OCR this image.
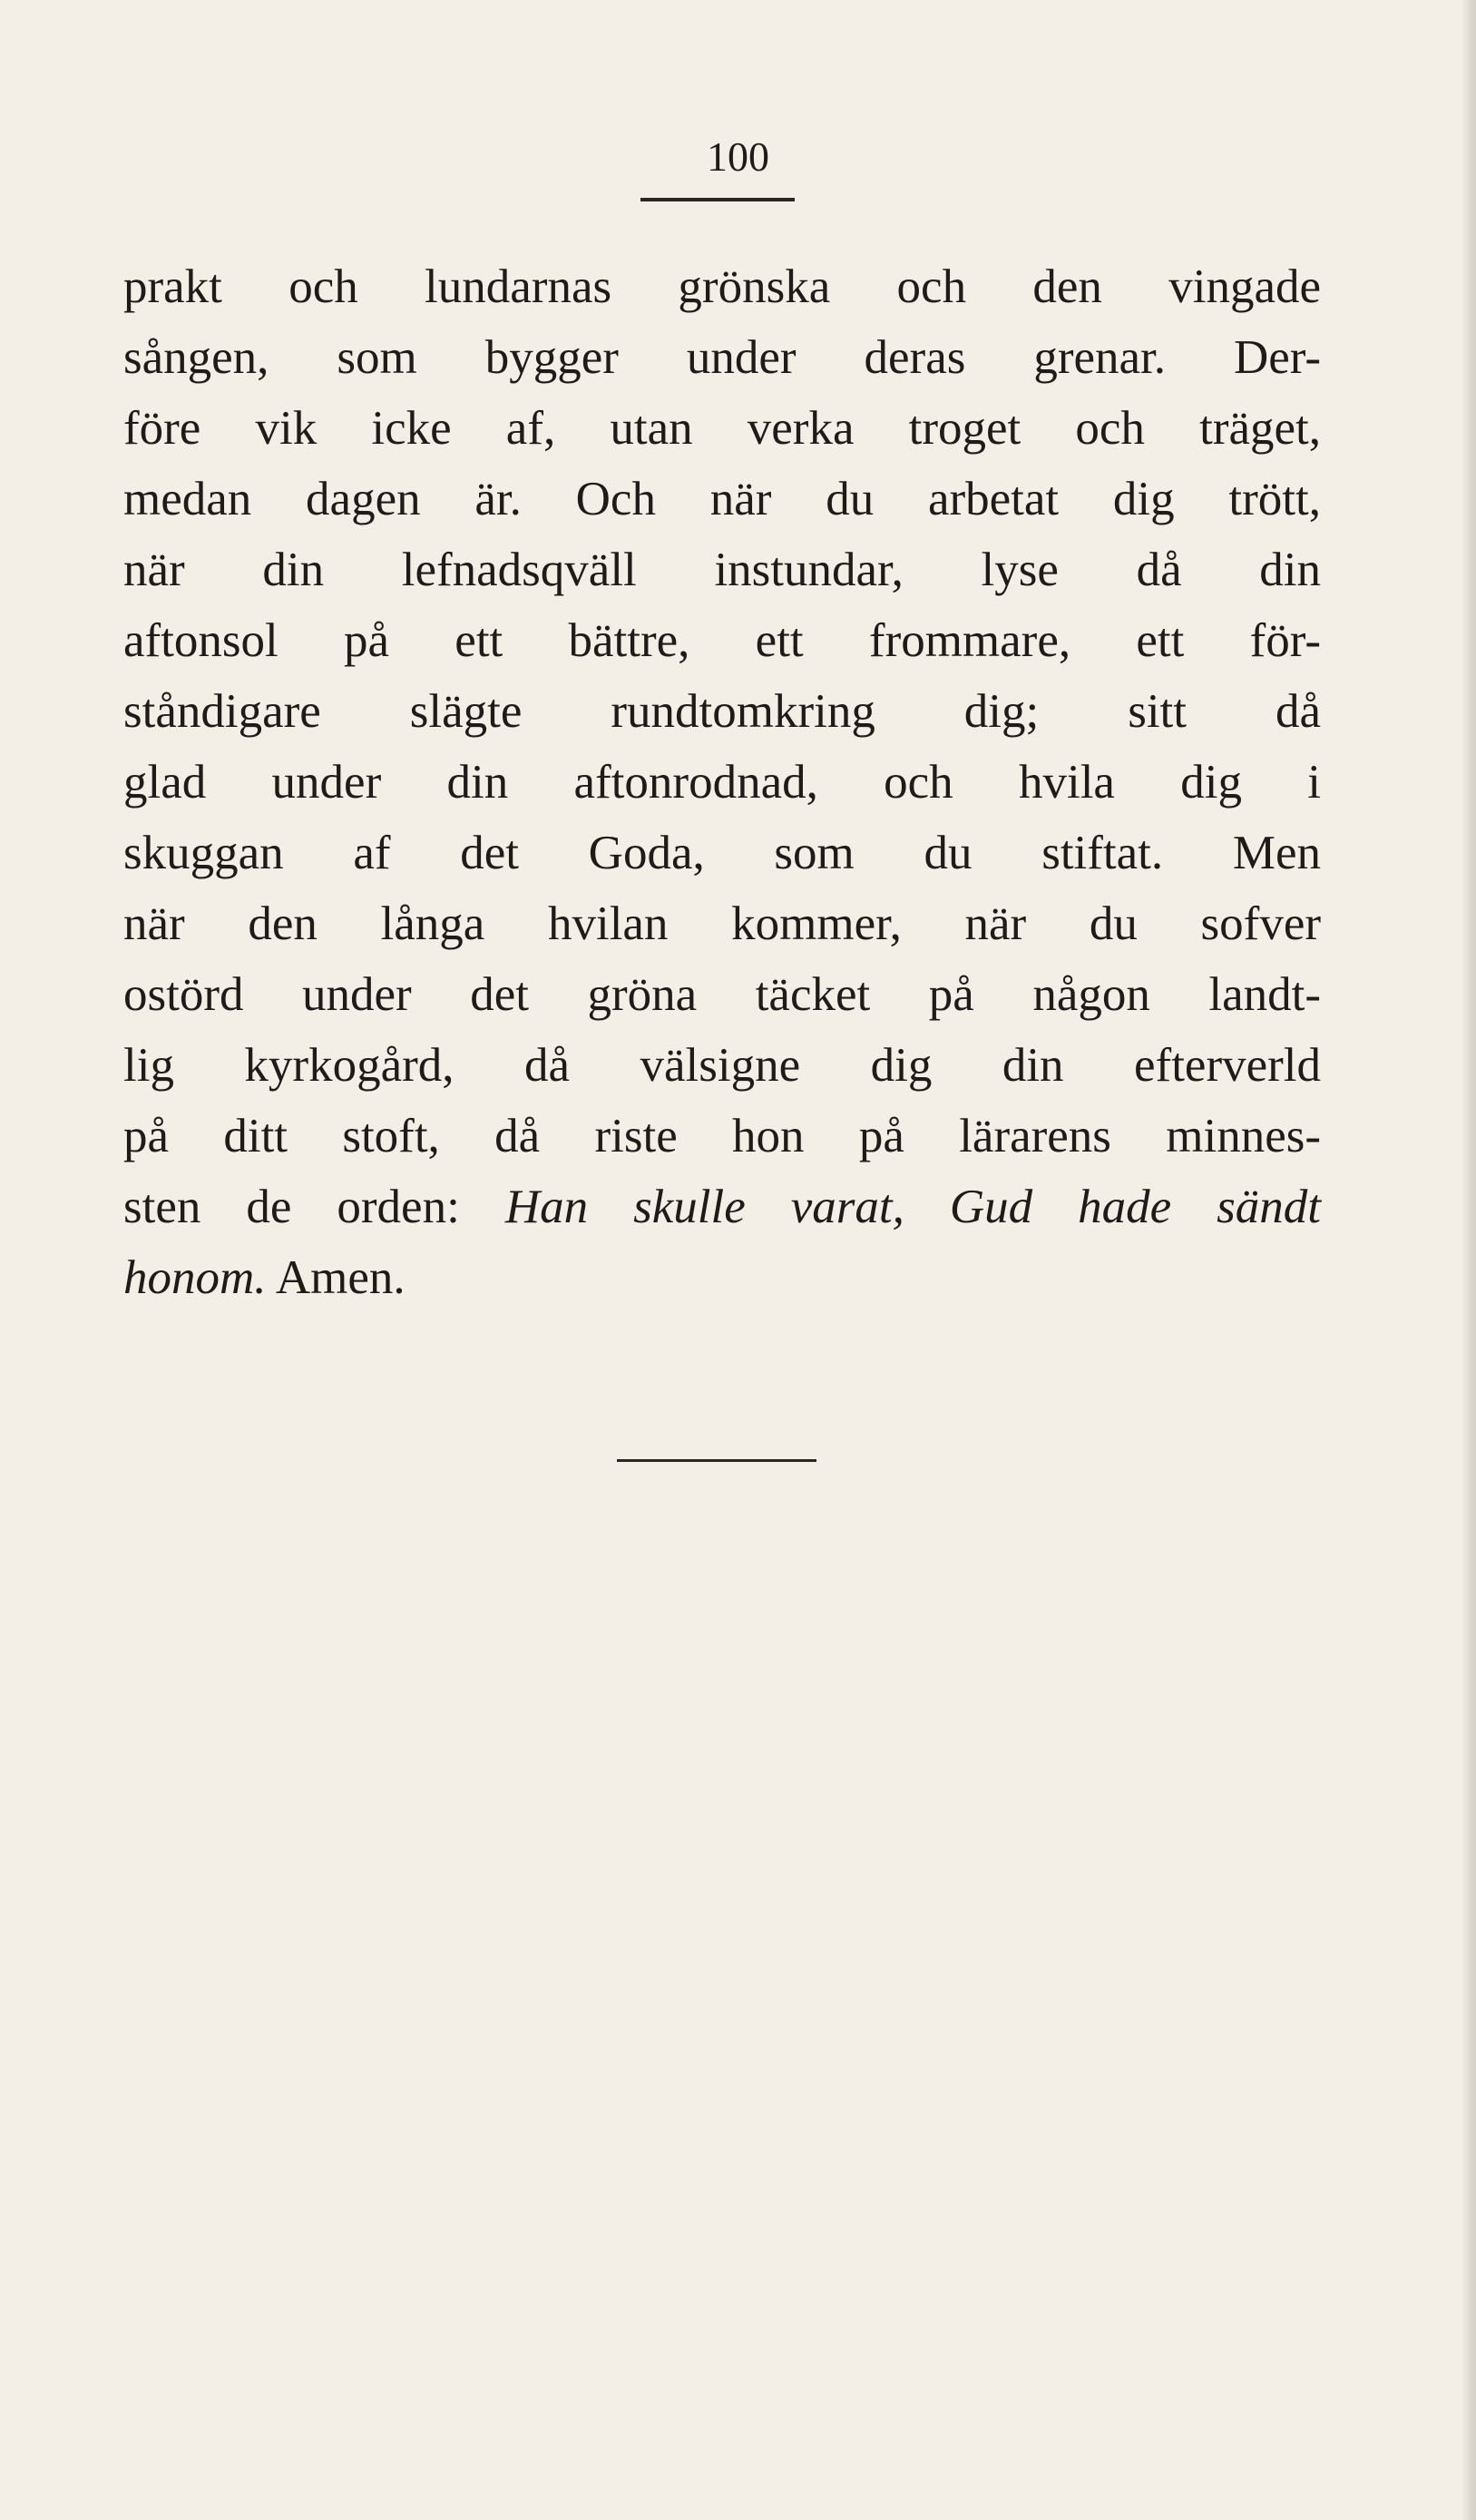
100
prakt och lundarnas grönska och den vingade
sången, som bygger under deras grenar. Der-
före vik icke af, utan verka troget och träget,
medan dagen är. Och när du arbetat dig trött,
när din lefnadsqväll instundar, lyse då din
aftonsol på ett bättre, ett frommare, ett för-
ståndigare slägte rundtomkring dig; sitt då
glad under din aftonrodnad, och hvila dig i
skuggan af det Goda, som du stiftat. Men
när den långa hvilan kommer, när du sofver
ostörd under det gröna täcket på någon landt-
lig kyrkogård, då välsigne dig din efterverld
på ditt stoft, då riste hon på lärarens minnes-
sten de orden: Han skulle varat, Gud hade sändt
honom. Amen.
